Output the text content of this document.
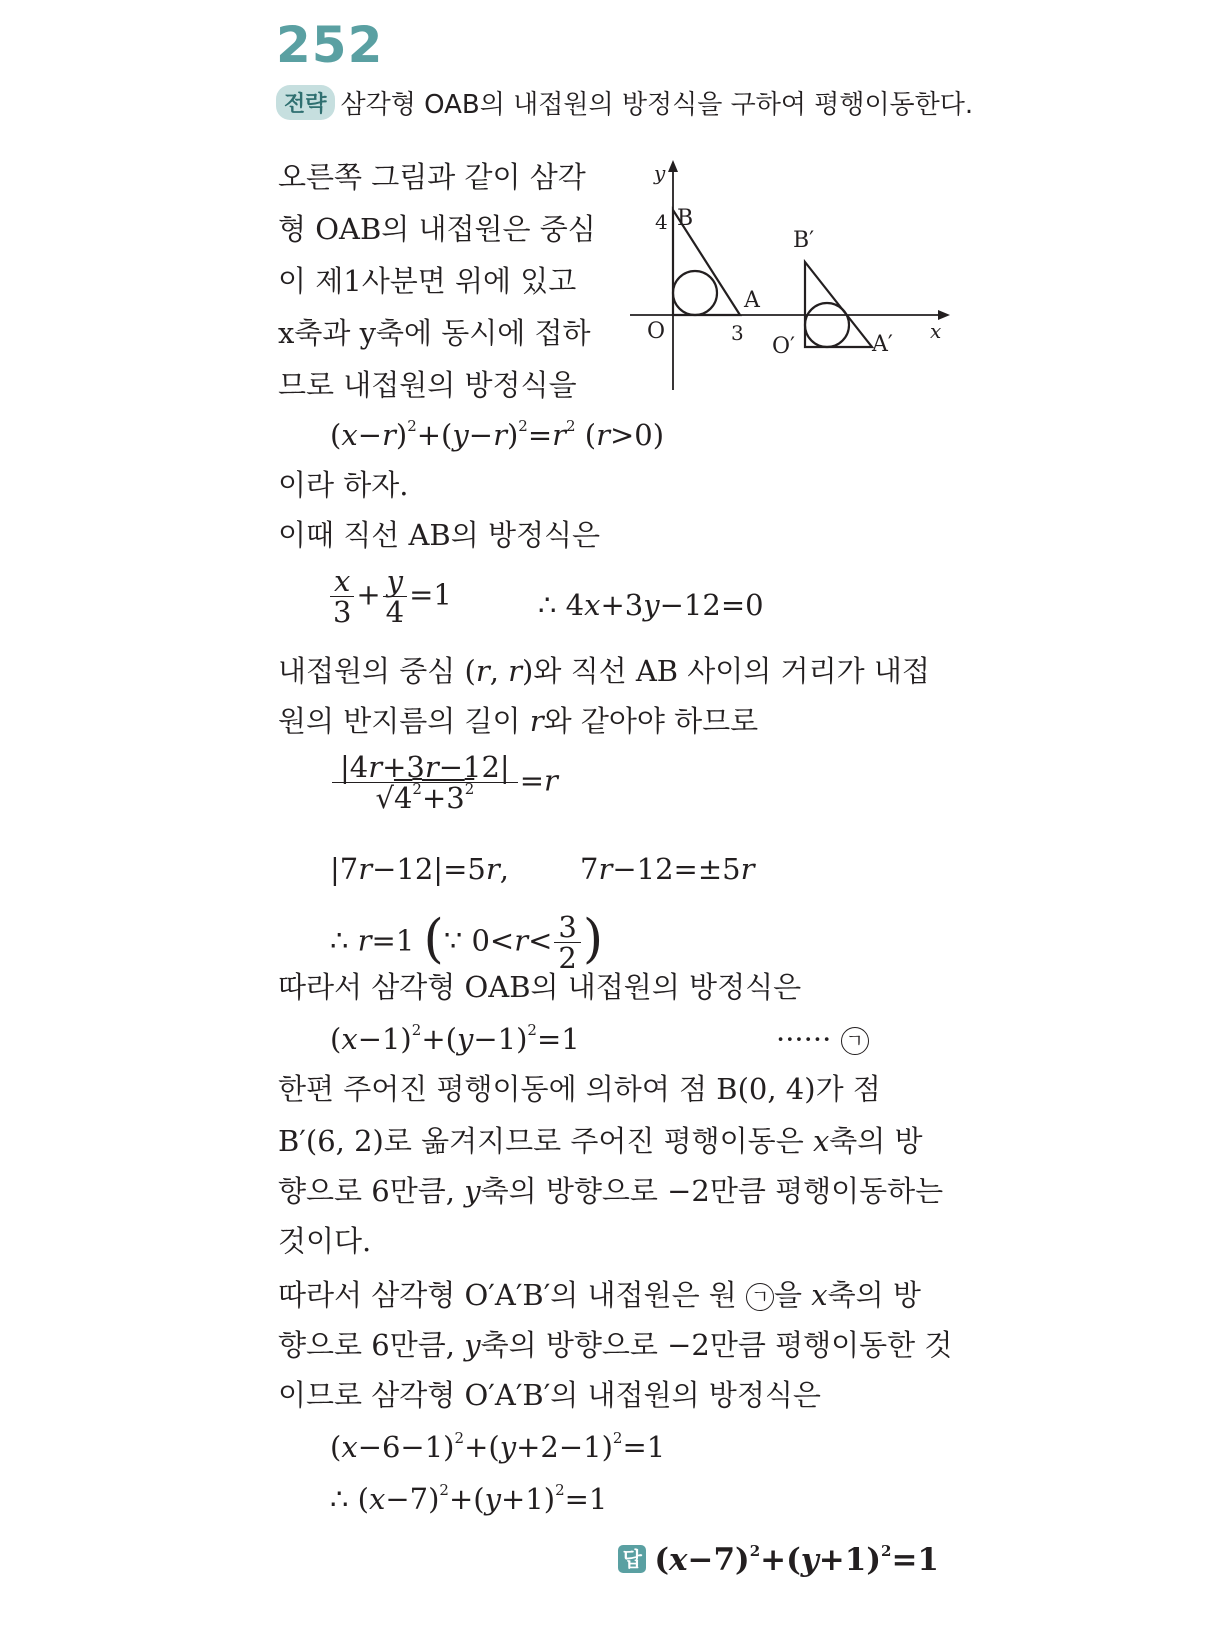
252
전략 삼각형 OAB의 내접원의 방정식을 구하여 평행이동한다.
오른쪽 그림과 같이 삼각
형 OAB의 내접원은 중심
이 제1사분면 위에 있고
x축과 y축에 동시에 접하
므로 내접원의 방정식을
y
x
O
4 B
A
3
B′
O′	A′
$(x-r)^2+(y-r)^2=r^2$ (r>0)
이라 하자.
이때 직선 AB의 방정식은
$\frac{x}{3} + \frac{y}{4} =1$	∴ 4x+3y−12=0
내접원의 중심 (r, r)와 직선 AB 사이의 거리가 내접
원의 반지름의 길이 r와 같아야 하므로
$\frac{|4r+3r-12|}{√4^2+3^2} =r$
|7r−12|=5r, 7r−12=±5r
∴ r=1 (∵ $0<r< \frac{3}{2}$ )
따라서 삼각형 OAB의 내접원의 방정식은
$(x-1)^2+(y-1)^2=1$	······ ㄱ
한편 주어진 평행이동에 의하여 점 B(0, 4)가 점
B′(6, 2)로 옮겨지므로 주어진 평행이동은 x축의 방
향으로 6만큼, y축의 방향으로 −2만큼 평행이동하는
것이다.
따라서 삼각형 O′A′B′의 내접원은 원 ㄱ 을 x축의 방
향으로 6만큼, y축의 방향으로 −2만큼 평행이동한 것
이므로 삼각형 O′A′B′의 내접원의 방정식은
$(x-6-1)^2+(y+2-1)^2=1$
∴ $(x-7)^2+(y+1)^2=1$
답 $(x-7)^2+(y+1)^2=1$
